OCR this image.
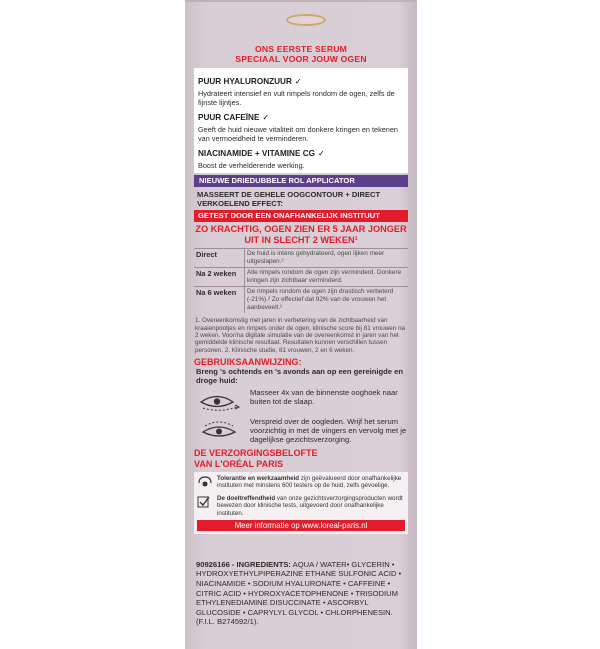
ONS EERSTE SERUM
SPECIAAL VOOR JOUW OGEN
PUUR HYALURONZUUR ✓
Hydrateert intensief en vult rimpels rondom de ogen, zelfs de fijnste lijntjes.
PUUR CAFEÏNE ✓
Geeft de huid nieuwe vitaliteit om donkere kringen en tekenen van vermoeidheid te verminderen.
NIACINAMIDE + VITAMINE CG ✓
Boost de verhelderende werking.
NIEUWE DRIEDUBBELE ROL APPLICATOR
MASSEERT DE GEHELE OOGCONTOUR + DIRECT VERKOELEND EFFECT:
GETEST DOOR EEN ONAFHANKELIJK INSTITUUT
ZO KRACHTIG, OGEN ZIEN ER 5 JAAR JONGER UIT IN SLECHT 2 WEKEN¹
Direct	De huid is intens gehydrateerd, ogen lijken meer uitgeslapen.²
Na 2 weken	Alle rimpels rondom de ogen zijn verminderd. Donkere kringen zijn zichtbaar verminderd.
Na 6 weken	De rimpels rondom de ogen zijn drastisch verbeterd (-21%).² Zo effectief dat 92% van de vrouwen het aanbeveelt.²
1. Overeenkomstig met jaren in verbetering van de zichtbaarheid van kraaienpootjes en rimpels onder de ogen, klinische score bij 81 vrouwen na 2 weken. Voor/na digitale simulatie van de overeenkomst in jaren van het gemiddelde klinische resultaat. Resultaten kunnen verschillen tussen personen. 2. Klinische studie, 81 vrouwen, 2 en 6 weken.
GEBRUIKSAANWIJZING:
Breng 's ochtends en 's avonds aan op een gereinigde en droge huid:
Masseer 4x van de binnenste ooghoek naar buiten tot de slaap.
Verspreid over de oogleden. Wrijf het serum voorzichtig in met de vingers en vervolg met je dagelijkse gezichtsverzorging.
DE VERZORGINGSBELOFTE
VAN L'ORÉAL PARIS
Tolerantie en werkzaamheid zijn geëvalueerd door onafhankelijke instituten met minstens 600 testers op de huid, zelfs gevoelige.
De doeltreffendheid van onze gezichtsverzorgingsproducten wordt bewezen door klinische tests, uitgevoerd door onafhankelijke instituten.
Meer informatie op www.loreal-paris.nl
90926166 - INGREDIENTS: AQUA / WATER• GLYCERIN • HYDROXYETHYLPIPERAZINE ETHANE SULFONIC ACID • NIACINAMIDE • SODIUM HYALURONATE • CAFFEINE • CITRIC ACID • HYDROXYACETOPHENONE • TRISODIUM ETHYLENEDIAMINE DISUCCINATE • ASCORBYL GLUCOSIDE • CAPRYLYL GLYCOL • CHLORPHENESIN. (F.I.L. B274592/1).
